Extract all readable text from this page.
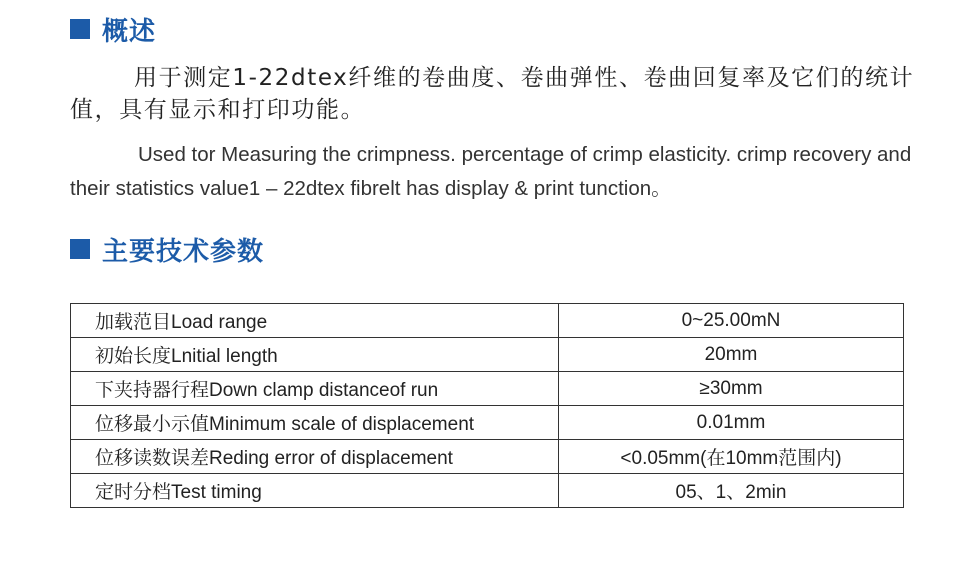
概述
用于测定1-22dtex纤维的卷曲度、卷曲弹性、卷曲回复率及它们的统计值，具有显示和打印功能。
Used tor Measuring the crimpness. percentage of crimp elasticity. crimp recovery and their statistics value1 – 22dtex fibrelt has display & print tunction。
主要技术参数
加载范目Load range	0~25.00mN
初始长度Lnitial length	20mm
下夹持器行程Down clamp distanceof run	≥30mm
位移最小示值Minimum scale of displacement	0.01mm
位移读数误差Reding error of displacement	<0.05mm(在10mm范围内)
定时分档Test timing	05、1、2min
